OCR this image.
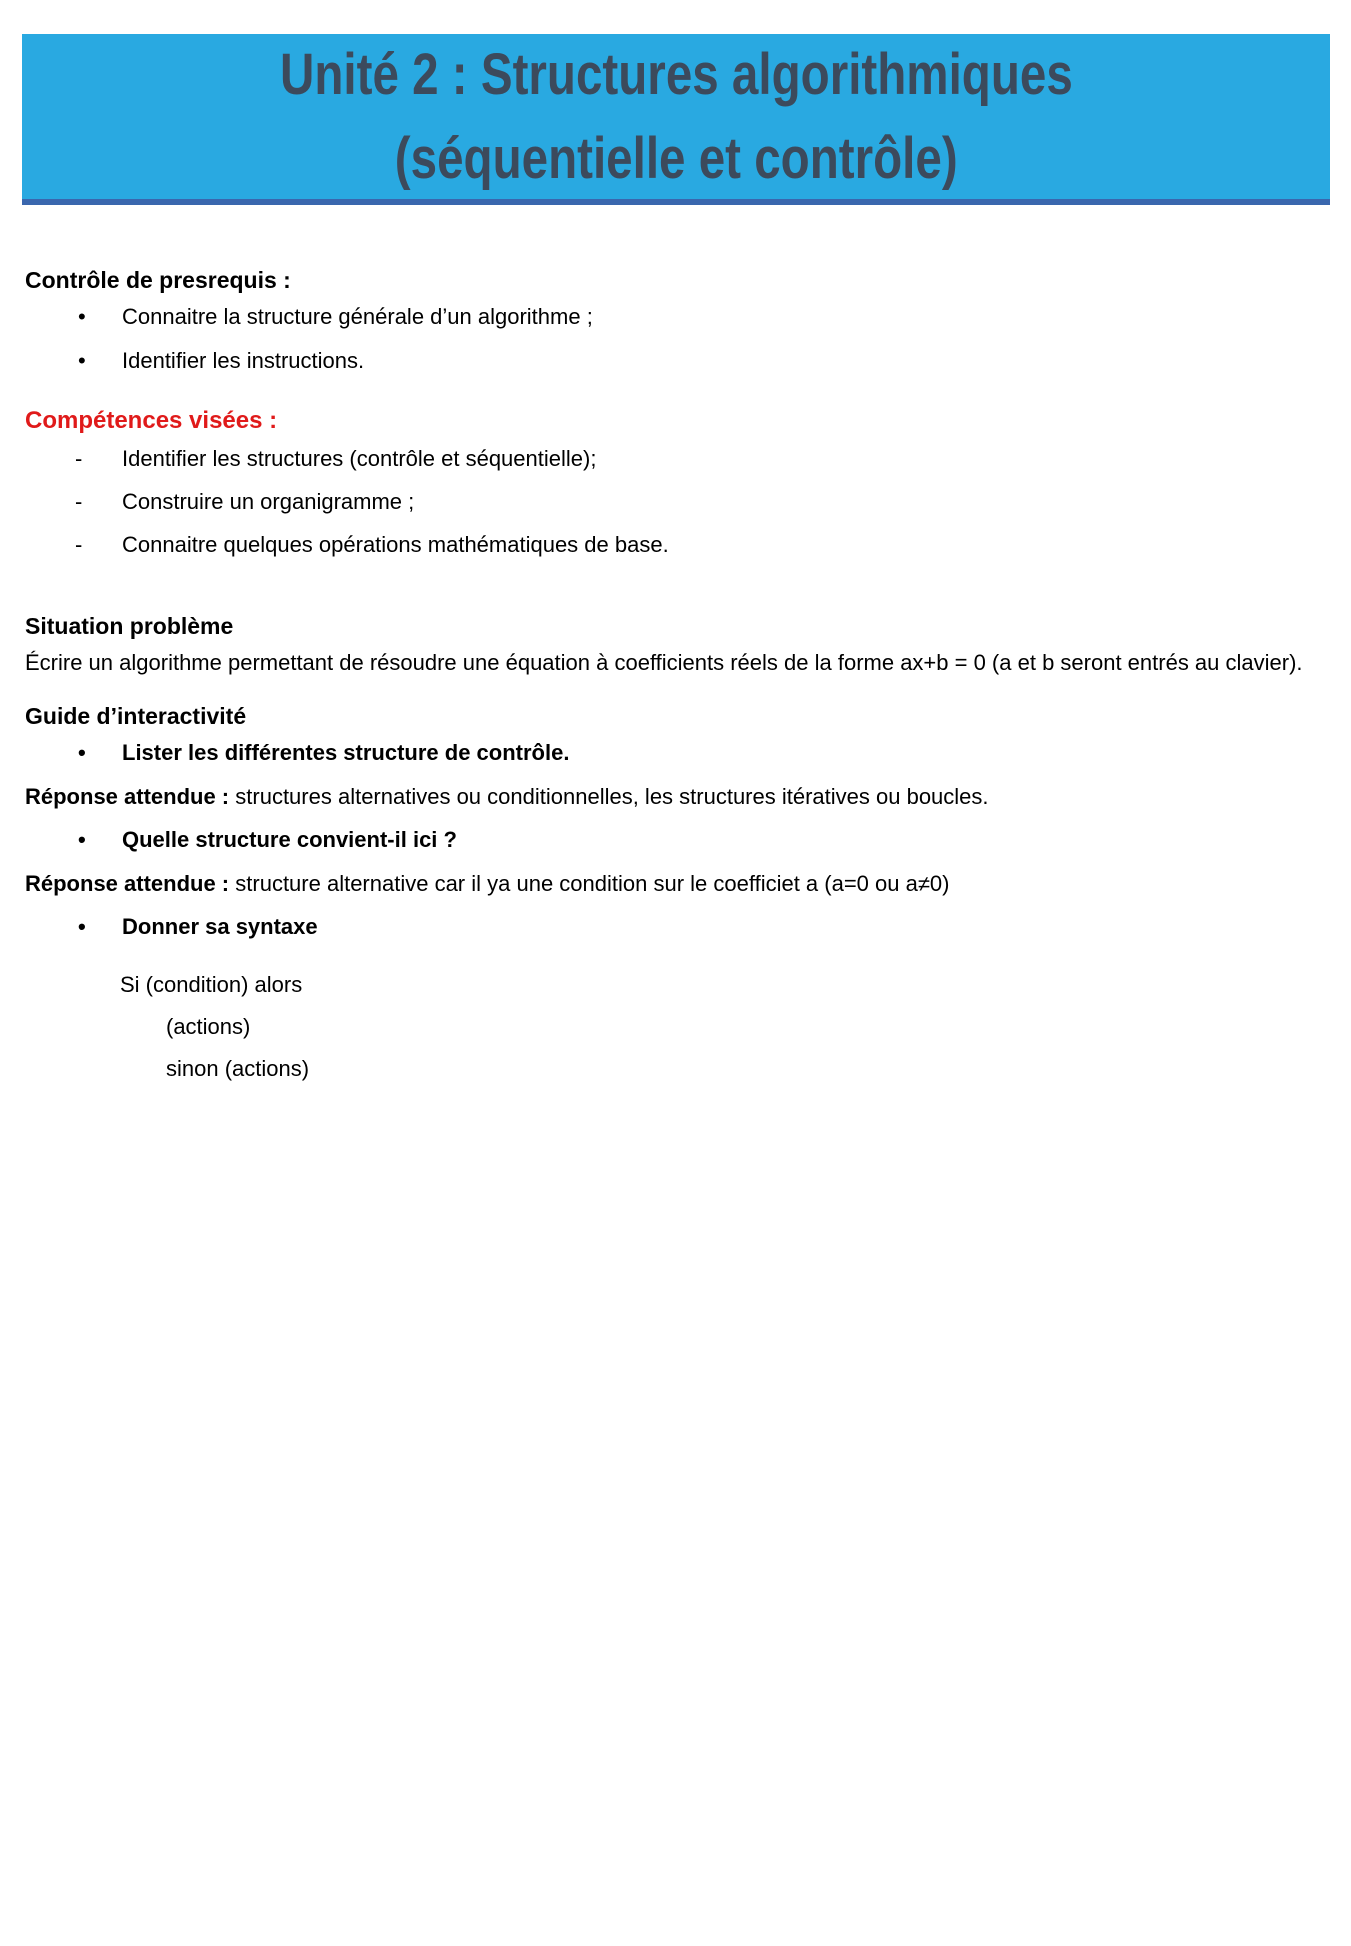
Unité 2 : Structures algorithmiques
(séquentielle et contrôle)
Contrôle de presrequis :
• Connaitre la structure générale d’un algorithme ;
• Identifier les instructions.
Compétences visées :
- Identifier les structures (contrôle et séquentielle);
- Construire un organigramme ;
- Connaitre quelques opérations mathématiques de base.
Situation problème

Écrire un algorithme permettant de résoudre une équation à coefficients réels de la forme ax+b = 0 (a et b seront entrés au clavier).

Guide d’interactivité
• Lister les différentes structure de contrôle.

Réponse attendue : structures alternatives ou conditionnelles, les structures itératives ou boucles.

• Quelle structure convient-il ici ?

Réponse attendue : structure alternative car il ya une condition sur le coefficiet a (a=0 ou a≠0)

• Donner sa syntaxe
Si (condition) alors
(actions)
sinon (actions)
